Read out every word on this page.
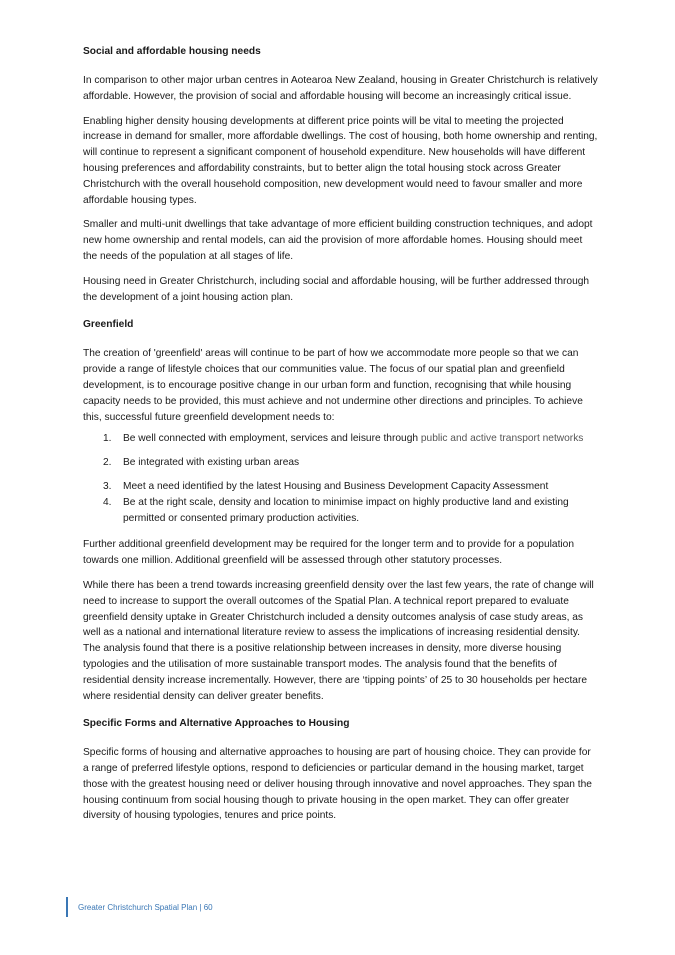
Social and affordable housing needs

In comparison to other major urban centres in Aotearoa New Zealand, housing in Greater Christchurch is relatively affordable. However, the provision of social and affordable housing will become an increasingly critical issue.

Enabling higher density housing developments at different price points will be vital to meeting the projected increase in demand for smaller, more affordable dwellings. The cost of housing, both home ownership and renting, will continue to represent a significant component of household expenditure. New households will have different housing preferences and affordability constraints, but to better align the total housing stock across Greater Christchurch with the overall household composition, new development would need to favour smaller and more affordable housing types.

Smaller and multi-unit dwellings that take advantage of more efficient building construction techniques, and adopt new home ownership and rental models, can aid the provision of more affordable homes. Housing should meet the needs of the population at all stages of life.

Housing need in Greater Christchurch, including social and affordable housing, will be further addressed through the development of a joint housing action plan.

Greenfield

The creation of 'greenfield' areas will continue to be part of how we accommodate more people so that we can provide a range of lifestyle choices that our communities value. The focus of our spatial plan and greenfield development, is to encourage positive change in our urban form and function, recognising that while housing capacity needs to be provided, this must achieve and not undermine other directions and principles. To achieve this, successful future greenfield development needs to:

1. Be well connected with employment, services and leisure through public and active transport networks
2. Be integrated with existing urban areas
3. Meet a need identified by the latest Housing and Business Development Capacity Assessment
4. Be at the right scale, density and location to minimise impact on highly productive land and existing permitted or consented primary production activities.

Further additional greenfield development may be required for the longer term and to provide for a population towards one million. Additional greenfield will be assessed through other statutory processes.

While there has been a trend towards increasing greenfield density over the last few years, the rate of change will need to increase to support the overall outcomes of the Spatial Plan. A technical report prepared to evaluate greenfield density uptake in Greater Christchurch included a density outcomes analysis of case study areas, as well as a national and international literature review to assess the implications of increasing residential density. The analysis found that there is a positive relationship between increases in density, more diverse housing typologies and the utilisation of more sustainable transport modes. The analysis found that the benefits of residential density increase incrementally. However, there are ‘tipping points’ of 25 to 30 households per hectare where residential density can deliver greater benefits.

Specific Forms and Alternative Approaches to Housing

Specific forms of housing and alternative approaches to housing are part of housing choice. They can provide for a range of preferred lifestyle options, respond to deficiencies or particular demand in the housing market, target those with the greatest housing need or deliver housing through innovative and novel approaches. They span the housing continuum from social housing though to private housing in the open market. They can offer greater diversity of housing typologies, tenures and price points.

Greater Christchurch Spatial Plan | 60
